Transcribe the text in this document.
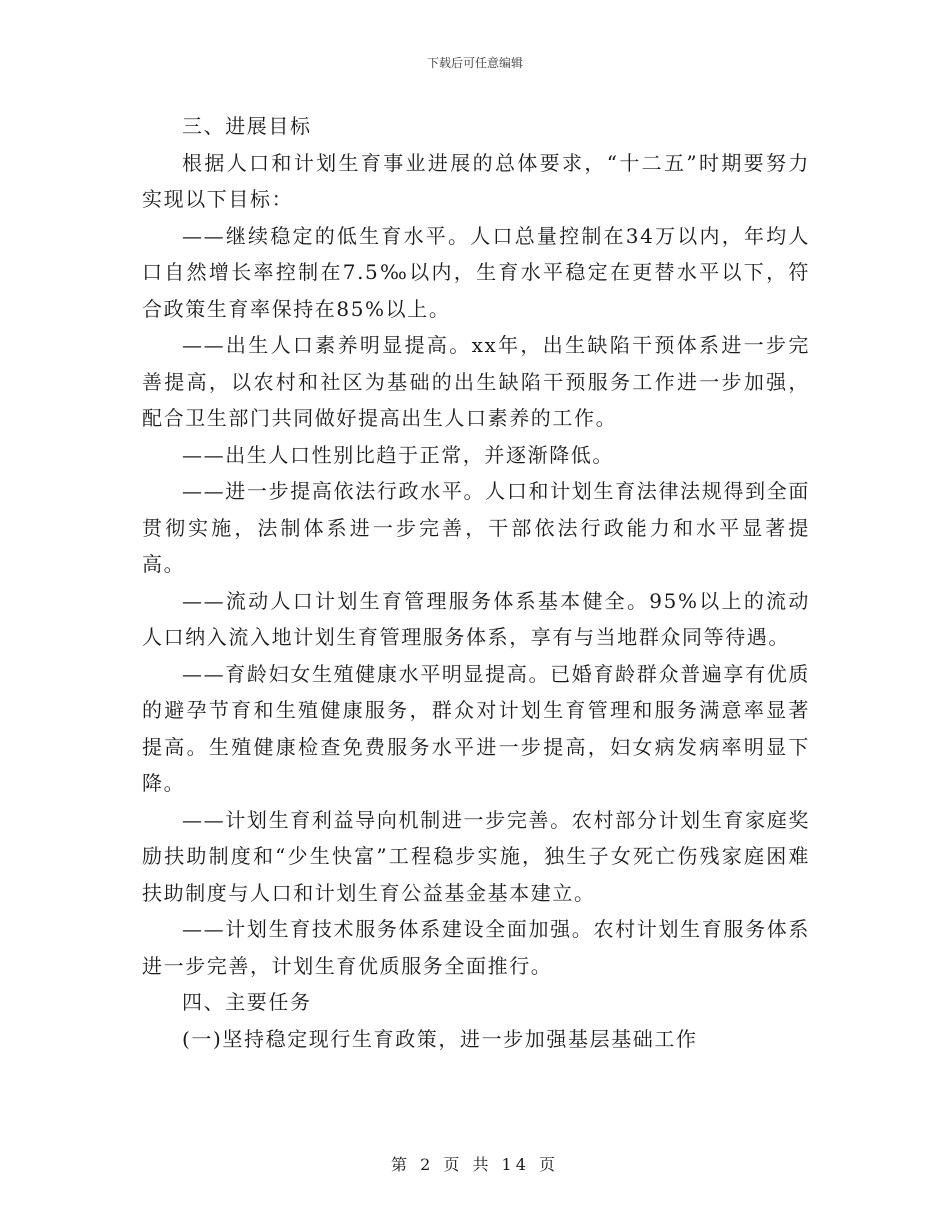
下载后可任意编辑

三、进展目标

根据人口和计划生育事业进展的总体要求，“十二五”时期要努力实现以下目标：

——继续稳定的低生育水平。人口总量控制在34万以内，年均人口自然增长率控制在7.5‰以内，生育水平稳定在更替水平以下，符合政策生育率保持在85%以上。

——出生人口素养明显提高。xx年，出生缺陷干预体系进一步完善提高，以农村和社区为基础的出生缺陷干预服务工作进一步加强，配合卫生部门共同做好提高出生人口素养的工作。

——出生人口性别比趋于正常，并逐渐降低。

——进一步提高依法行政水平。人口和计划生育法律法规得到全面贯彻实施，法制体系进一步完善，干部依法行政能力和水平显著提高。

——流动人口计划生育管理服务体系基本健全。95%以上的流动人口纳入流入地计划生育管理服务体系，享有与当地群众同等待遇。

——育龄妇女生殖健康水平明显提高。已婚育龄群众普遍享有优质的避孕节育和生殖健康服务，群众对计划生育管理和服务满意率显著提高。生殖健康检查免费服务水平进一步提高，妇女病发病率明显下降。

——计划生育利益导向机制进一步完善。农村部分计划生育家庭奖励扶助制度和“少生快富”工程稳步实施，独生子女死亡伤残家庭困难扶助制度与人口和计划生育公益基金基本建立。

——计划生育技术服务体系建设全面加强。农村计划生育服务体系进一步完善，计划生育优质服务全面推行。

四、主要任务

(一)坚持稳定现行生育政策，进一步加强基层基础工作

第 2 页 共 14 页
